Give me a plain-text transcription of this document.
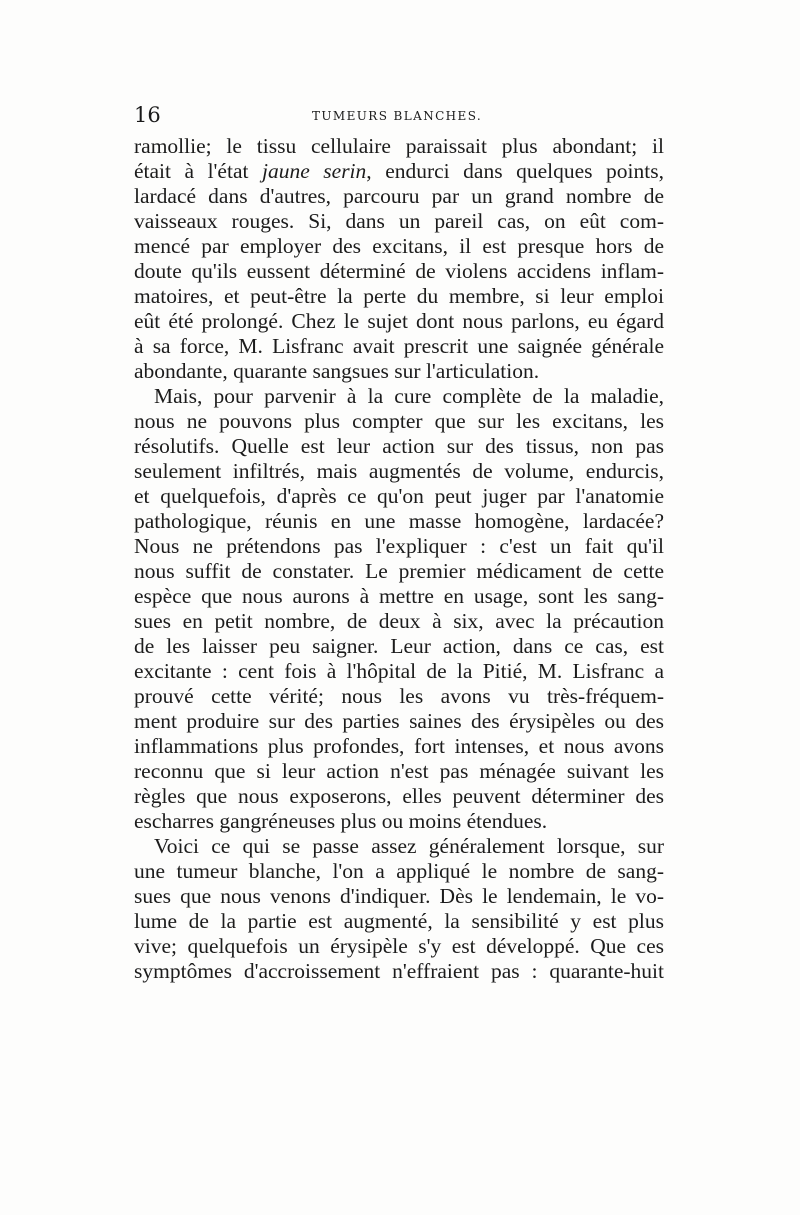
16	TUMEURS BLANCHES.
ramollie; le tissu cellulaire paraissait plus abondant; il
était à l'état jaune serin, endurci dans quelques points,
lardacé dans d'autres, parcouru par un grand nombre de
vaisseaux rouges. Si, dans un pareil cas, on eût com-
mencé par employer des excitans, il est presque hors de
doute qu'ils eussent déterminé de violens accidens inflam-
matoires, et peut-être la perte du membre, si leur emploi
eût été prolongé. Chez le sujet dont nous parlons, eu égard
à sa force, M. Lisfranc avait prescrit une saignée générale
abondante, quarante sangsues sur l'articulation.
Mais, pour parvenir à la cure complète de la maladie,
nous ne pouvons plus compter que sur les excitans, les
résolutifs. Quelle est leur action sur des tissus, non pas
seulement infiltrés, mais augmentés de volume, endurcis,
et quelquefois, d'après ce qu'on peut juger par l'anatomie
pathologique, réunis en une masse homogène, lardacée?
Nous ne prétendons pas l'expliquer : c'est un fait qu'il
nous suffit de constater. Le premier médicament de cette
espèce que nous aurons à mettre en usage, sont les sang-
sues en petit nombre, de deux à six, avec la précaution
de les laisser peu saigner. Leur action, dans ce cas, est
excitante : cent fois à l'hôpital de la Pitié, M. Lisfranc a
prouvé cette vérité; nous les avons vu très-fréquem-
ment produire sur des parties saines des érysipèles ou des
inflammations plus profondes, fort intenses, et nous avons
reconnu que si leur action n'est pas ménagée suivant les
règles que nous exposerons, elles peuvent déterminer des
escharres gangréneuses plus ou moins étendues.
Voici ce qui se passe assez généralement lorsque, sur
une tumeur blanche, l'on a appliqué le nombre de sang-
sues que nous venons d'indiquer. Dès le lendemain, le vo-
lume de la partie est augmenté, la sensibilité y est plus
vive; quelquefois un érysipèle s'y est développé. Que ces
symptômes d'accroissement n'effraient pas : quarante-huit
